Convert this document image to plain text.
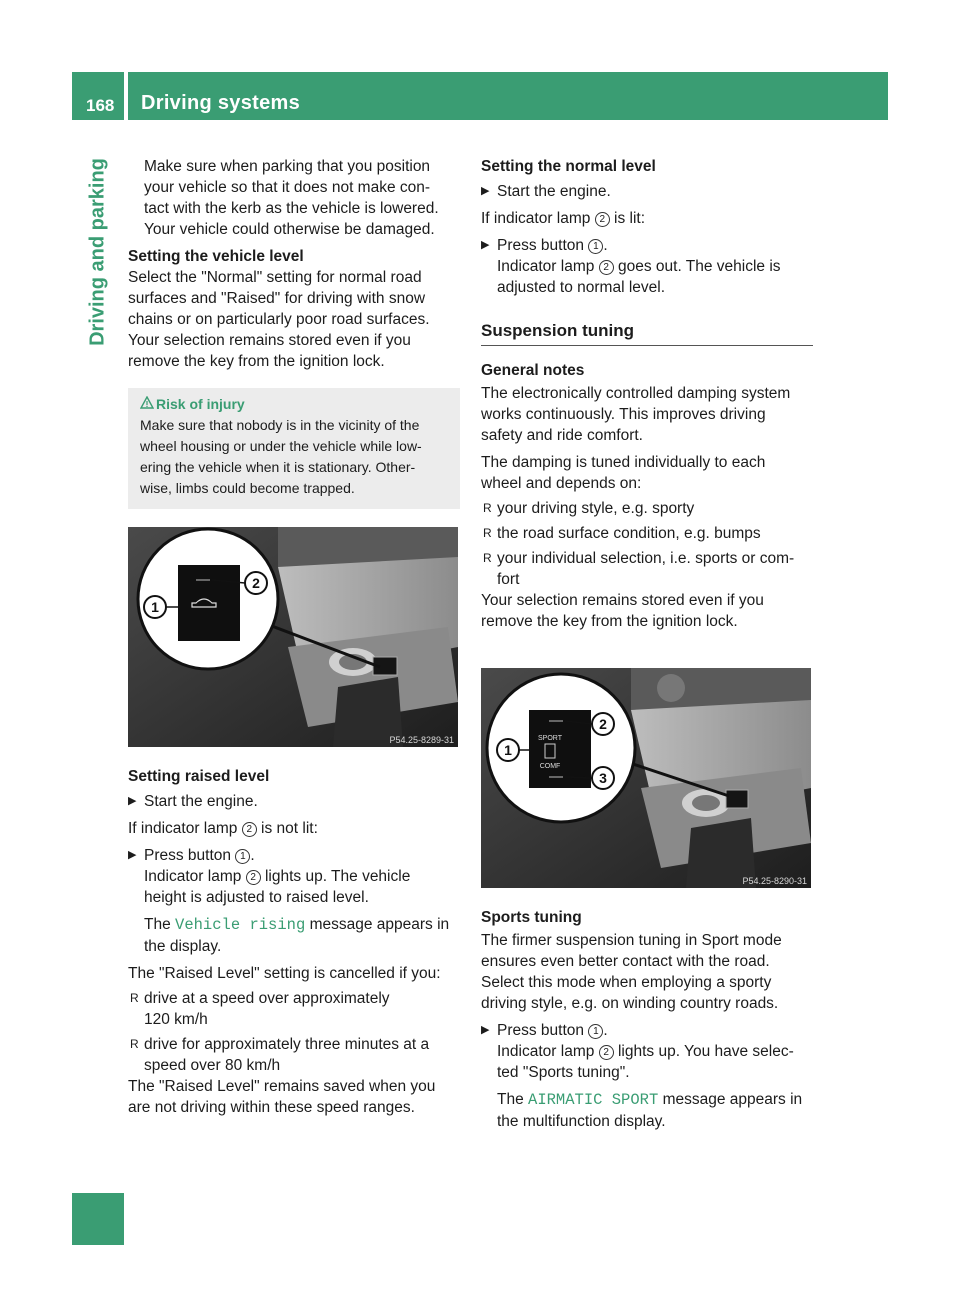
168 Driving systems
Driving and parking Make sure when parking that you position

your vehicle so that it does not make con-

tact with the kerb as the vehicle is lowered.

Your vehicle could otherwise be damaged.

Setting the vehicle level

Select the "Normal" setting for normal road

surfaces and "Raised" for driving with snow

chains or on particularly poor road surfaces.

Your selection remains stored even if you

remove the key from the ignition lock.

Risk of injury

Make sure that nobody is in the vicinity of the

wheel housing or under the vehicle while low-

ering the vehicle when it is stationary. Other-

wise, limbs could become trapped.

1
2
P54.25-8289-31

Setting raised level

▶ Start the engine.

If indicator lamp 2 is not lit:

▶ Press button 1 .

Indicator lamp 2 lights up. The vehicle

height is adjusted to raised level.

The Vehicle rising message appears in

the display.

The "Raised Level" setting is cancelled if you:

R drive at a speed over approximately

120 km/h

R drive for approximately three minutes at a

speed over 80 km/h

The "Raised Level" remains saved when you

are not driving within these speed ranges.

Setting the normal level

▶ Start the engine.

If indicator lamp 2 is lit:

▶ Press button 1 .

Indicator lamp 2 goes out. The vehicle is

adjusted to normal level.

Suspension tuning

General notes

The electronically controlled damping system

works continuously. This improves driving

safety and ride comfort.

The damping is tuned individually to each

wheel and depends on:

R your driving style, e.g. sporty

R the road surface condition, e.g. bumps

R your individual selection, i.e. sports or com-

fort

Your selection remains stored even if you

remove the key from the ignition lock.

SPORT
COMF
1
2
3
P54.25-8290-31

Sports tuning

The firmer suspension tuning in Sport mode

ensures even better contact with the road.

Select this mode when employing a sporty

driving style, e.g. on winding country roads.

▶ Press button 1 .

Indicator lamp 2 lights up. You have selec-

ted "Sports tuning".

The AIRMATIC SPORT message appears in

the multifunction display.
